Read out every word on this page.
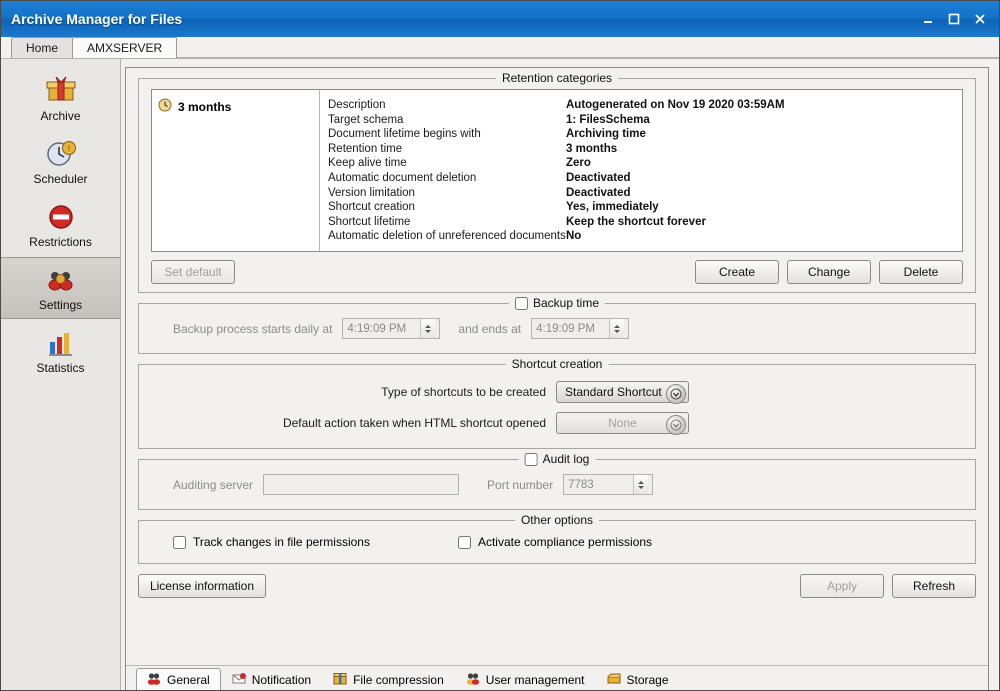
Archive Manager for Files
Home	AMXSERVER
Archive
!
Scheduler
Restrictions
Settings
Statistics
Retention categories
3 months	Description	Autogenerated on Nov 19 2020 03:59AM
Target schema	1: FilesSchema
Document lifetime begins with	Archiving time
Retention time	3 months
Keep alive time	Zero
Automatic document deletion	Deactivated
Version limitation	Deactivated
Shortcut creation	Yes, immediately
Shortcut lifetime	Keep the shortcut forever
Automatic deletion of unreferenced documents No
Set default	Create	Change	Delete
Backup time
Backup process starts daily at 4:19:09 PM	and ends at 4:19:09 PM
Shortcut creation
Type of shortcuts to be created Standard Shortcut
Default action taken when HTML shortcut opened	None
Audit log
Auditing server	Port number 7783
Other options
Track changes in file permissions	Activate compliance permissions
License information	Apply	Refresh
General	Notification	File compression	User management	Storage
